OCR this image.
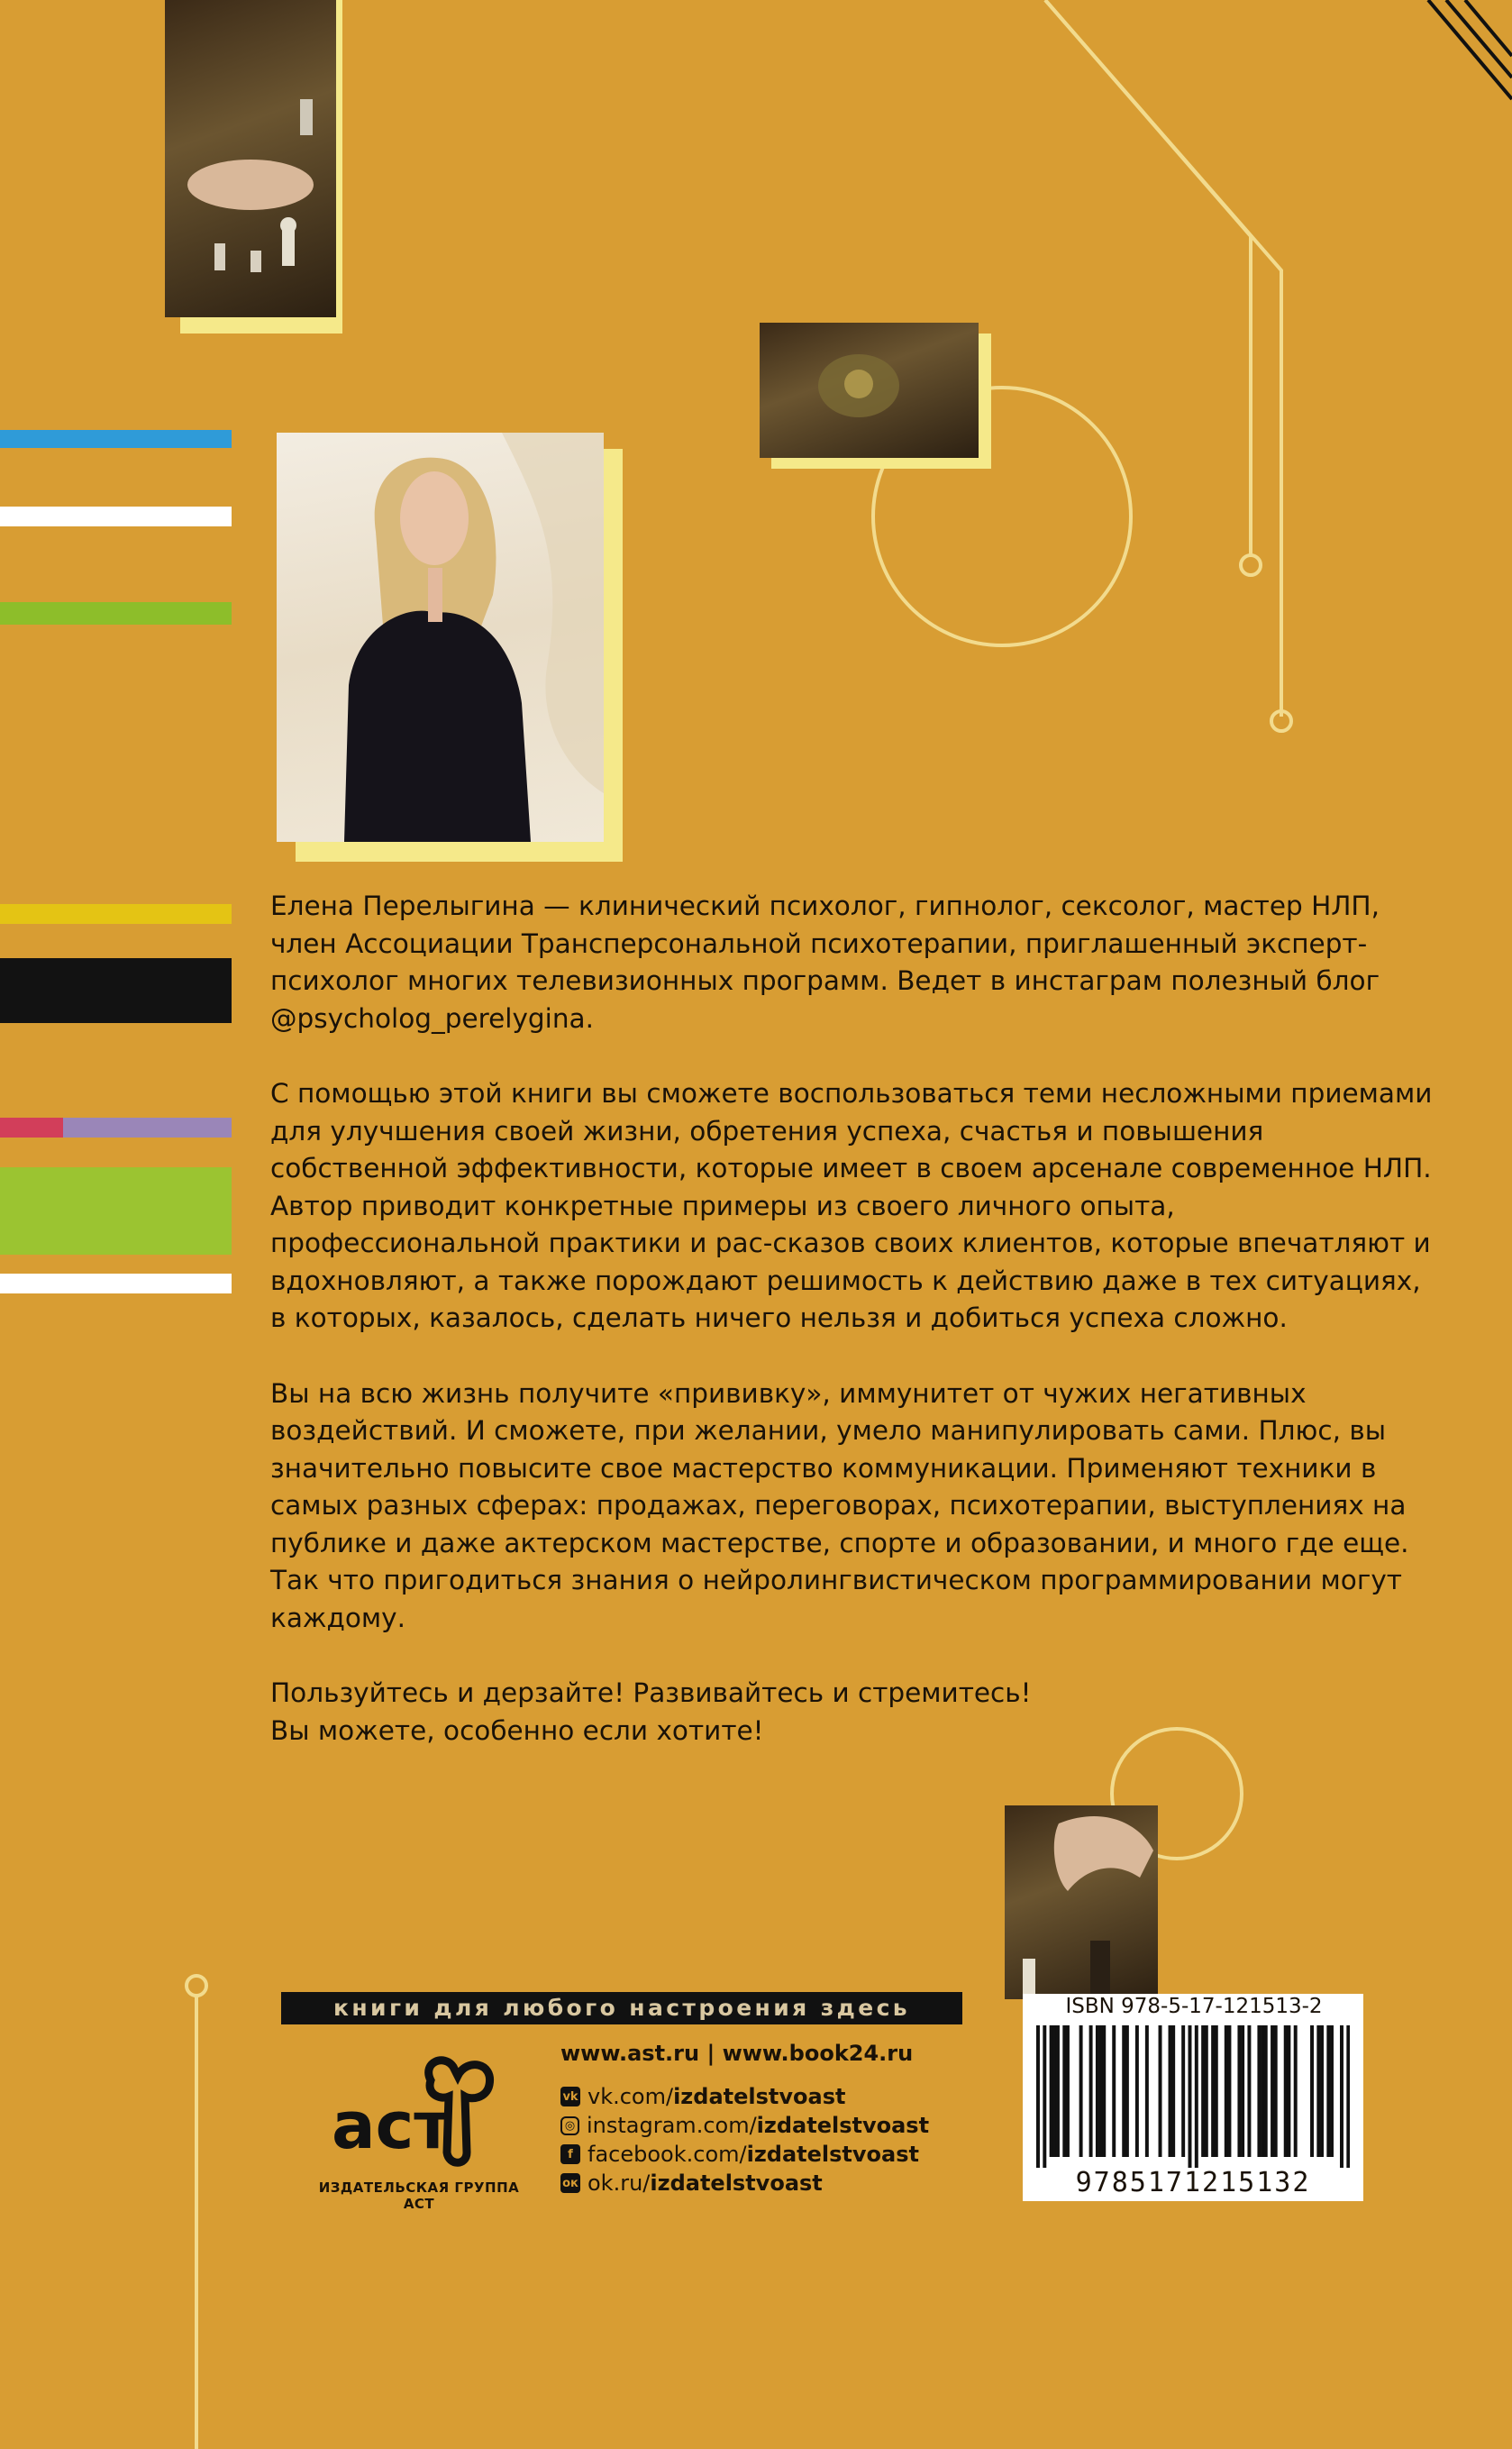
Елена Перелыгина — клинический психолог, гипнолог, сексолог, мастер НЛП, член Ассоциации Трансперсональной психотерапии, приглашенный эксперт-психолог многих телевизионных программ. Ведет в инстаграм полезный блог @psycholog_perelygina.

С помощью этой книги вы сможете воспользоваться теми несложными приемами для улучшения своей жизни, обретения успеха, счастья и повышения собственной эффективности, которые имеет в своем арсенале современное НЛП. Автор приводит конкретные примеры из своего личного опыта, профессиональной практики и рас-сказов своих клиентов, которые впечатляют и вдохновляют, а также порождают решимость к действию даже в тех ситуациях, в которых, казалось, сделать ничего нельзя и добиться успеха сложно.

Вы на всю жизнь получите «прививку», иммунитет от чужих негативных воздействий. И сможете, при желании, умело манипулировать сами. Плюс, вы значительно повысите свое мастерство коммуникации. Применяют техники в самых разных сферах: продажах, переговорах, психотерапии, выступлениях на публике и даже актерском мастерстве, спорте и образовании, и много где еще. Так что пригодиться знания о нейролингвистическом программировании могут каждому.

Пользуйтесь и дерзайте! Развивайтесь и стремитесь!
Вы можете, особенно если хотите!

книги для любого настроения здесь
аст
ИЗДАТЕЛЬСКАЯ ГРУППА АСТ
www.ast.ru | www.book24.ru
vk vk.com/izdatelstvoast
◎ instagram.com/izdatelstvoast
f facebook.com/izdatelstvoast
ок ok.ru/izdatelstvoast
ISBN 978-5-17-121513-2
9785171215132
